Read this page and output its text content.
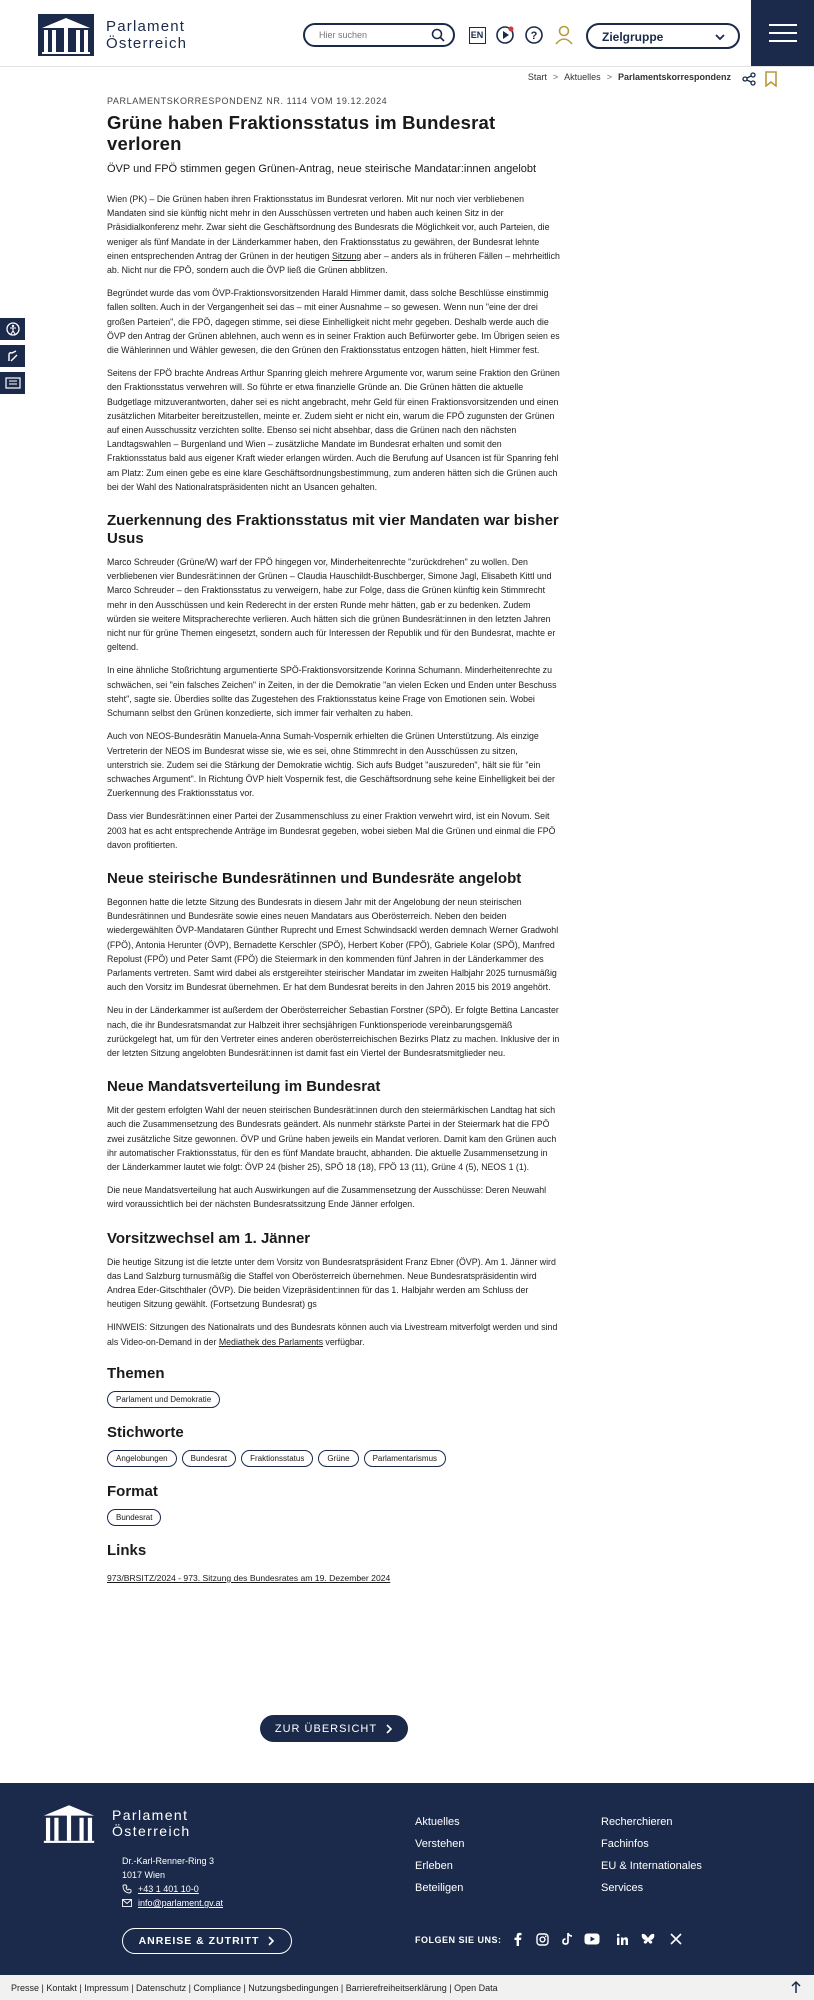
Parlament
Österreich
Hier suchen	EN	?	Zielgruppe
Start > Aktuelles > Parlamentskorrespondenz
PARLAMENTSKORRESPONDENZ NR. 1114 VOM 19.12.2024
Grüne haben Fraktionsstatus im Bundesrat verloren
ÖVP und FPÖ stimmen gegen Grünen-Antrag, neue steirische Mandatar:innen angelobt

Wien (PK) – Die Grünen haben ihren Fraktionsstatus im Bundesrat verloren. Mit nur noch vier verbliebenen Mandaten sind sie künftig nicht mehr in den Ausschüssen vertreten und haben auch keinen Sitz in der Präsidialkonferenz mehr. Zwar sieht die Geschäftsordnung des Bundesrats die Möglichkeit vor, auch Parteien, die weniger als fünf Mandate in der Länderkammer haben, den Fraktionsstatus zu gewähren, der Bundesrat lehnte einen entsprechenden Antrag der Grünen in der heutigen Sitzung aber – anders als in früheren Fällen – mehrheitlich ab. Nicht nur die FPÖ, sondern auch die ÖVP ließ die Grünen abblitzen.

Begründet wurde das vom ÖVP-Fraktionsvorsitzenden Harald Himmer damit, dass solche Beschlüsse einstimmig fallen sollten. Auch in der Vergangenheit sei das – mit einer Ausnahme – so gewesen. Wenn nun "eine der drei großen Parteien", die FPÖ, dagegen stimme, sei diese Einhelligkeit nicht mehr gegeben. Deshalb werde auch die ÖVP den Antrag der Grünen ablehnen, auch wenn es in seiner Fraktion auch Befürworter gebe. Im Übrigen seien es die Wählerinnen und Wähler gewesen, die den Grünen den Fraktionsstatus entzogen hätten, hielt Himmer fest.

Seitens der FPÖ brachte Andreas Arthur Spanring gleich mehrere Argumente vor, warum seine Fraktion den Grünen den Fraktionsstatus verwehren will. So führte er etwa finanzielle Gründe an. Die Grünen hätten die aktuelle Budgetlage mitzuverantworten, daher sei es nicht angebracht, mehr Geld für einen Fraktionsvorsitzenden und einen zusätzlichen Mitarbeiter bereitzustellen, meinte er. Zudem sieht er nicht ein, warum die FPÖ zugunsten der Grünen auf einen Ausschussitz verzichten sollte. Ebenso sei nicht absehbar, dass die Grünen nach den nächsten Landtagswahlen – Burgenland und Wien – zusätzliche Mandate im Bundesrat erhalten und somit den Fraktionsstatus bald aus eigener Kraft wieder erlangen würden. Auch die Berufung auf Usancen ist für Spanring fehl am Platz: Zum einen gebe es eine klare Geschäftsordnungsbestimmung, zum anderen hätten sich die Grünen auch bei der Wahl des Nationalratspräsidenten nicht an Usancen gehalten.

Zuerkennung des Fraktionsstatus mit vier Mandaten war bisher Usus

Marco Schreuder (Grüne/W) warf der FPÖ hingegen vor, Minderheitenrechte "zurückdrehen" zu wollen. Den verbliebenen vier Bundesrät:innen der Grünen – Claudia Hauschildt-Buschberger, Simone Jagl, Elisabeth Kittl und Marco Schreuder – den Fraktionsstatus zu verweigern, habe zur Folge, dass die Grünen künftig kein Stimmrecht mehr in den Ausschüssen und kein Rederecht in der ersten Runde mehr hätten, gab er zu bedenken. Zudem würden sie weitere Mitspracherechte verlieren. Auch hätten sich die grünen Bundesrät:innen in den letzten Jahren nicht nur für grüne Themen eingesetzt, sondern auch für Interessen der Republik und für den Bundesrat, machte er geltend.

In eine ähnliche Stoßrichtung argumentierte SPÖ-Fraktionsvorsitzende Korinna Schumann. Minderheitenrechte zu schwächen, sei "ein falsches Zeichen" in Zeiten, in der die Demokratie "an vielen Ecken und Enden unter Beschuss steht", sagte sie. Überdies sollte das Zugestehen des Fraktionsstatus keine Frage von Emotionen sein. Wobei Schumann selbst den Grünen konzedierte, sich immer fair verhalten zu haben.

Auch von NEOS-Bundesrätin Manuela-Anna Sumah-Vospernik erhielten die Grünen Unterstützung. Als einzige Vertreterin der NEOS im Bundesrat wisse sie, wie es sei, ohne Stimmrecht in den Ausschüssen zu sitzen, unterstrich sie. Zudem sei die Stärkung der Demokratie wichtig. Sich aufs Budget "auszureden", hält sie für "ein schwaches Argument". In Richtung ÖVP hielt Vospernik fest, die Geschäftsordnung sehe keine Einhelligkeit bei der Zuerkennung des Fraktionsstatus vor.

Dass vier Bundesrät:innen einer Partei der Zusammenschluss zu einer Fraktion verwehrt wird, ist ein Novum. Seit 2003 hat es acht entsprechende Anträge im Bundesrat gegeben, wobei sieben Mal die Grünen und einmal die FPÖ davon profitierten.

Neue steirische Bundesrätinnen und Bundesräte angelobt

Begonnen hatte die letzte Sitzung des Bundesrats in diesem Jahr mit der Angelobung der neun steirischen Bundesrätinnen und Bundesräte sowie eines neuen Mandatars aus Oberösterreich. Neben den beiden wiedergewählten ÖVP-Mandataren Günther Ruprecht und Ernest Schwindsackl werden demnach Werner Gradwohl (FPÖ), Antonia Herunter (ÖVP), Bernadette Kerschler (SPÖ), Herbert Kober (FPÖ), Gabriele Kolar (SPÖ), Manfred Repolust (FPÖ) und Peter Samt (FPÖ) die Steiermark in den kommenden fünf Jahren in der Länderkammer des Parlaments vertreten. Samt wird dabei als erstgereihter steirischer Mandatar im zweiten Halbjahr 2025 turnusmäßig auch den Vorsitz im Bundesrat übernehmen. Er hat dem Bundesrat bereits in den Jahren 2015 bis 2019 angehört.

Neu in der Länderkammer ist außerdem der Oberösterreicher Sebastian Forstner (SPÖ). Er folgte Bettina Lancaster nach, die ihr Bundesratsmandat zur Halbzeit ihrer sechsjährigen Funktionsperiode vereinbarungsgemäß zurückgelegt hat, um für den Vertreter eines anderen oberösterreichischen Bezirks Platz zu machen. Inklusive der in der letzten Sitzung angelobten Bundesrät:innen ist damit fast ein Viertel der Bundesratsmitglieder neu.

Neue Mandatsverteilung im Bundesrat

Mit der gestern erfolgten Wahl der neuen steirischen Bundesrät:innen durch den steiermärkischen Landtag hat sich auch die Zusammensetzung des Bundesrats geändert. Als nunmehr stärkste Partei in der Steiermark hat die FPÖ zwei zusätzliche Sitze gewonnen. ÖVP und Grüne haben jeweils ein Mandat verloren. Damit kam den Grünen auch ihr automatischer Fraktionsstatus, für den es fünf Mandate braucht, abhanden. Die aktuelle Zusammensetzung in der Länderkammer lautet wie folgt: ÖVP 24 (bisher 25), SPÖ 18 (18), FPÖ 13 (11), Grüne 4 (5), NEOS 1 (1).

Die neue Mandatsverteilung hat auch Auswirkungen auf die Zusammensetzung der Ausschüsse: Deren Neuwahl wird voraussichtlich bei der nächsten Bundesratssitzung Ende Jänner erfolgen.

Vorsitzwechsel am 1. Jänner

Die heutige Sitzung ist die letzte unter dem Vorsitz von Bundesratspräsident Franz Ebner (ÖVP). Am 1. Jänner wird das Land Salzburg turnusmäßig die Staffel von Oberösterreich übernehmen. Neue Bundesratspräsidentin wird Andrea Eder-Gitschthaler (ÖVP). Die beiden Vizepräsident:innen für das 1. Halbjahr werden am Schluss der heutigen Sitzung gewählt. (Fortsetzung Bundesrat) gs

HINWEIS: Sitzungen des Nationalrats und des Bundesrats können auch via Livestream mitverfolgt werden und sind als Video-on-Demand in der Mediathek des Parlaments verfügbar.

Themen
Parlament und Demokratie
Stichworte
Angelobungen	Bundesrat	Fraktionsstatus	Grüne	Parlamentarismus
Format
Bundesrat
Links
973/BRSITZ/2024 - 973. Sitzung des Bundesrates am 19. Dezember 2024
ZUR ÜBERSICHT
Parlament
Österreich
Dr.-Karl-Renner-Ring 3
1017 Wien
+43 1 401 10-0
info@parlament.gv.at
ANREISE & ZUTRITT
Aktuelles
Verstehen
Erleben
Beteiligen
Recherchieren
Fachinfos
EU & Internationales
Services
FOLGEN SIE UNS:
Presse | Kontakt | Impressum | Datenschutz | Compliance | Nutzungsbedingungen | Barrierefreiheitserklärung | Open Data
